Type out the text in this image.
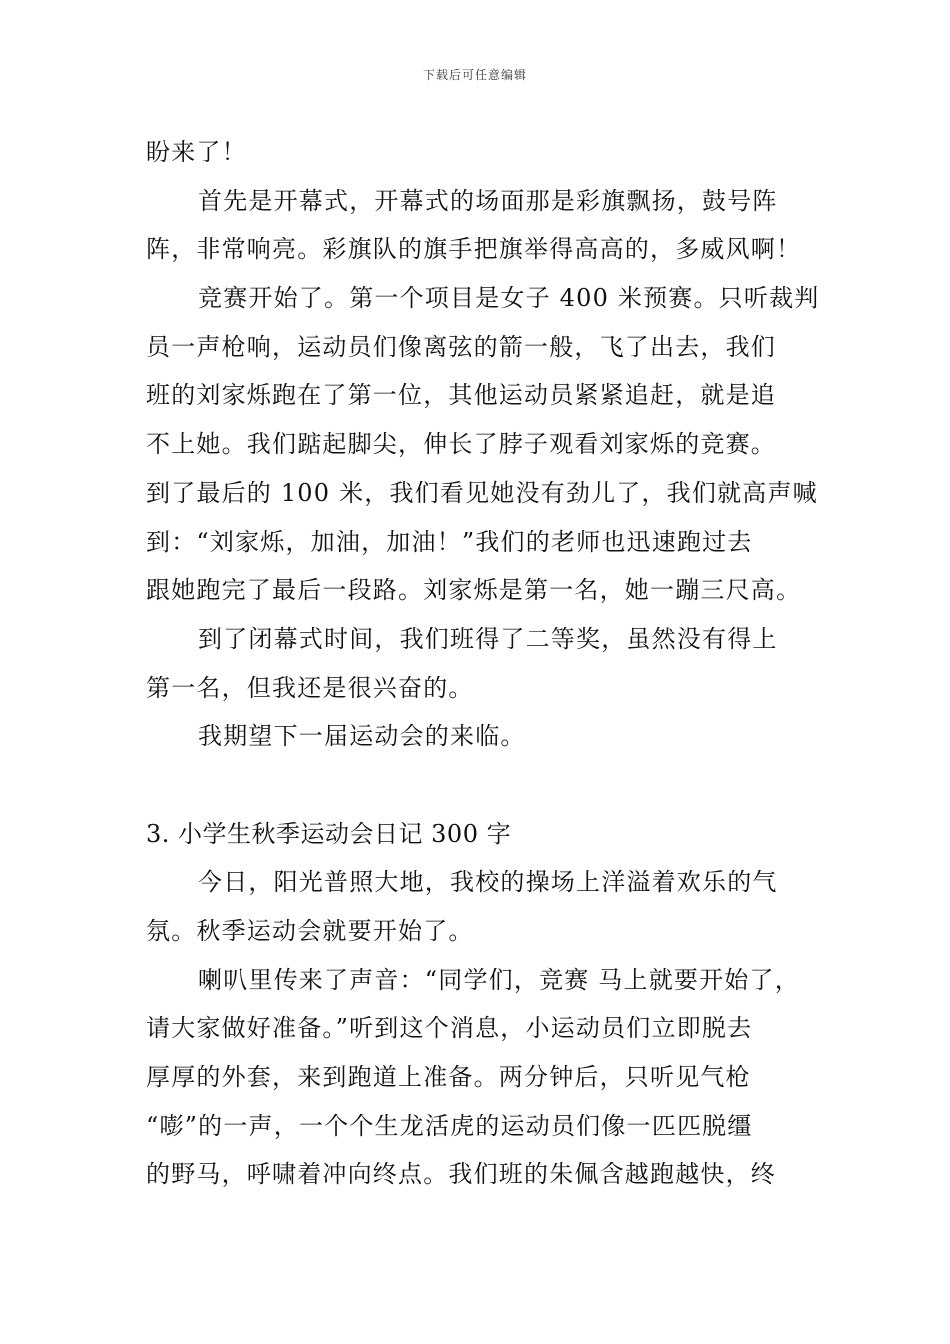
下载后可任意编辑
盼来了！
首先是开幕式，开幕式的场面那是彩旗飘扬，鼓号阵
阵，非常响亮。彩旗队的旗手把旗举得高高的，多威风啊！
竞赛开始了。第一个项目是女子 400 米预赛。只听裁判
员一声枪响，运动员们像离弦的箭一般，飞了出去，我们
班的刘家烁跑在了第一位，其他运动员紧紧追赶，就是追
不上她。我们踮起脚尖，伸长了脖子观看刘家烁的竞赛。
到了最后的 100 米，我们看见她没有劲儿了，我们就高声喊
到：“刘家烁，加油，加油！”我们的老师也迅速跑过去
跟她跑完了最后一段路。刘家烁是第一名，她一蹦三尺高。
到了闭幕式时间，我们班得了二等奖，虽然没有得上
第一名，但我还是很兴奋的。
我期望下一届运动会的来临。
3. 小学生秋季运动会日记 300 字
今日，阳光普照大地，我校的操场上洋溢着欢乐的气
氛。秋季运动会就要开始了。
喇叭里传来了声音：“同学们，竞赛 马上就要开始了，
请大家做好准备。”听到这个消息，小运动员们立即脱去
厚厚的外套，来到跑道上准备。两分钟后，只听见气枪
“嘭”的一声，一个个生龙活虎的运动员们像一匹匹脱缰
的野马，呼啸着冲向终点。我们班的朱佩含越跑越快，终
